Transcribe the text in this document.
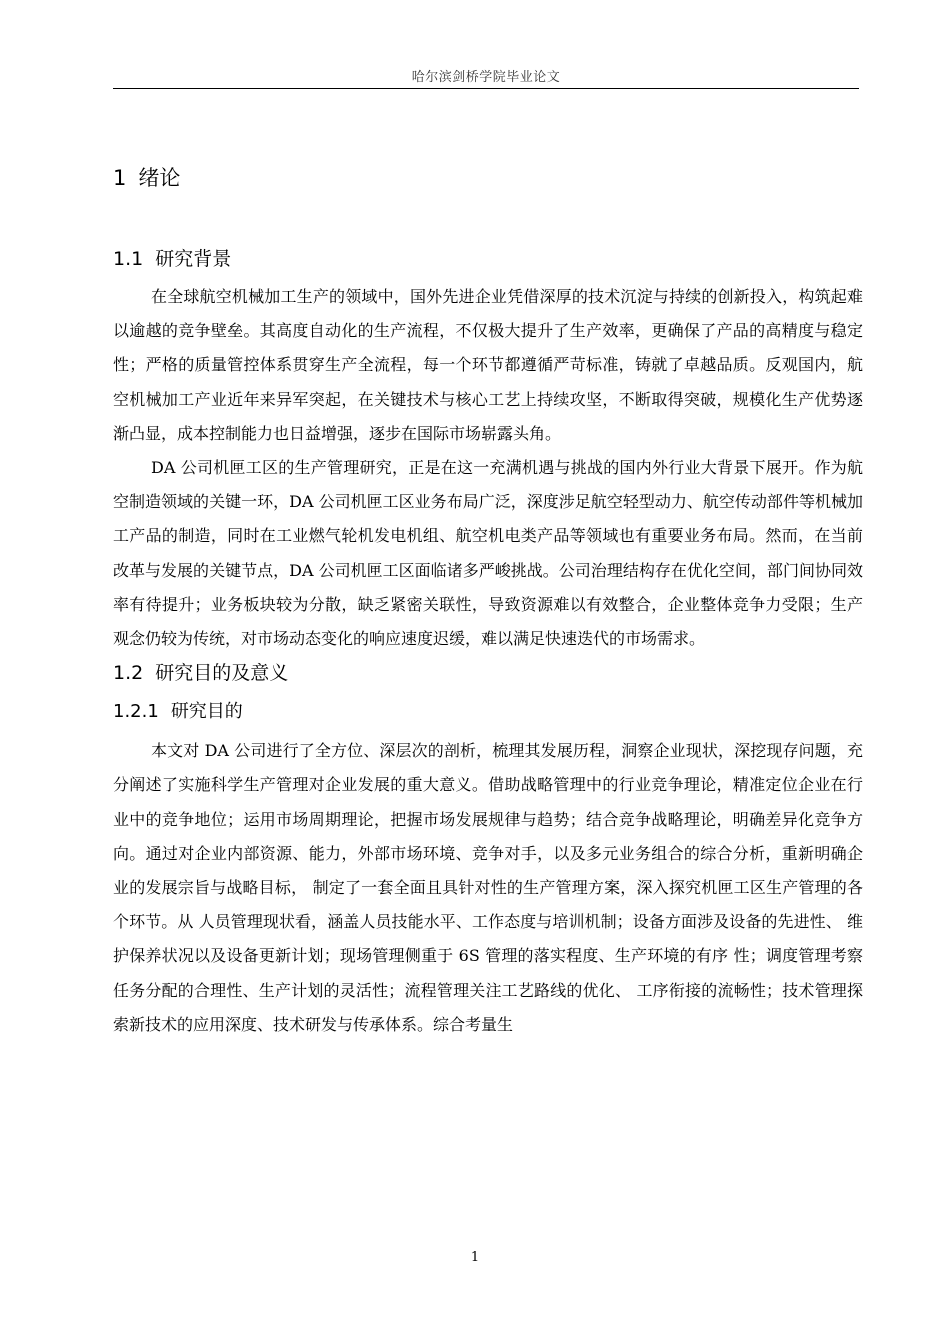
哈尔滨剑桥学院毕业论文
1 绪论
1.1 研究背景

在全球航空机械加工生产的领域中，国外先进企业凭借深厚的技术沉淀与持续的创新投入，构筑起难以逾越的竞争壁垒。其高度自动化的生产流程，不仅极大提升了生产效率，更确保了产品的高精度与稳定性；严格的质量管控体系贯穿生产全流程，每一个环节都遵循严苛标准，铸就了卓越品质。反观国内，航空机械加工产业近年来异军突起，在关键技术与核心工艺上持续攻坚，不断取得突破，规模化生产优势逐渐凸显，成本控制能力也日益增强，逐步在国际市场崭露头角。

DA 公司机匣工区的生产管理研究，正是在这一充满机遇与挑战的国内外行业大背景下展开。作为航空制造领域的关键一环，DA 公司机匣工区业务布局广泛，深度涉足航空轻型动力、航空传动部件等机械加工产品的制造，同时在工业燃气轮机发电机组、航空机电类产品等领域也有重要业务布局。然而，在当前改革与发展的关键节点，DA 公司机匣工区面临诸多严峻挑战。公司治理结构存在优化空间，部门间协同效率有待提升；业务板块较为分散，缺乏紧密关联性，导致资源难以有效整合，企业整体竞争力受限；生产观念仍较为传统，对市场动态变化的响应速度迟缓，难以满足快速迭代的市场需求。

1.2 研究目的及意义
1.2.1 研究目的

本文对 DA 公司进行了全方位、深层次的剖析，梳理其发展历程，洞察企业现状，深挖现存问题，充分阐述了实施科学生产管理对企业发展的重大意义。借助战略管理中的行业竞争理论，精准定位企业在行业中的竞争地位；运用市场周期理论，把握市场发展规律与趋势；结合竞争战略理论，明确差异化竞争方向。通过对企业内部资源、能力，外部市场环境、竞争对手，以及多元业务组合的综合分析，重新明确企业的发展宗旨与战略目标， 制定了一套全面且具针对性的生产管理方案，深入探究机匣工区生产管理的各个环节。从 人员管理现状看，涵盖人员技能水平、工作态度与培训机制；设备方面涉及设备的先进性、 维护保养状况以及设备更新计划；现场管理侧重于 6S 管理的落实程度、生产环境的有序 性；调度管理考察任务分配的合理性、生产计划的灵活性；流程管理关注工艺路线的优化、 工序衔接的流畅性；技术管理探索新技术的应用深度、技术研发与传承体系。综合考量生

1
